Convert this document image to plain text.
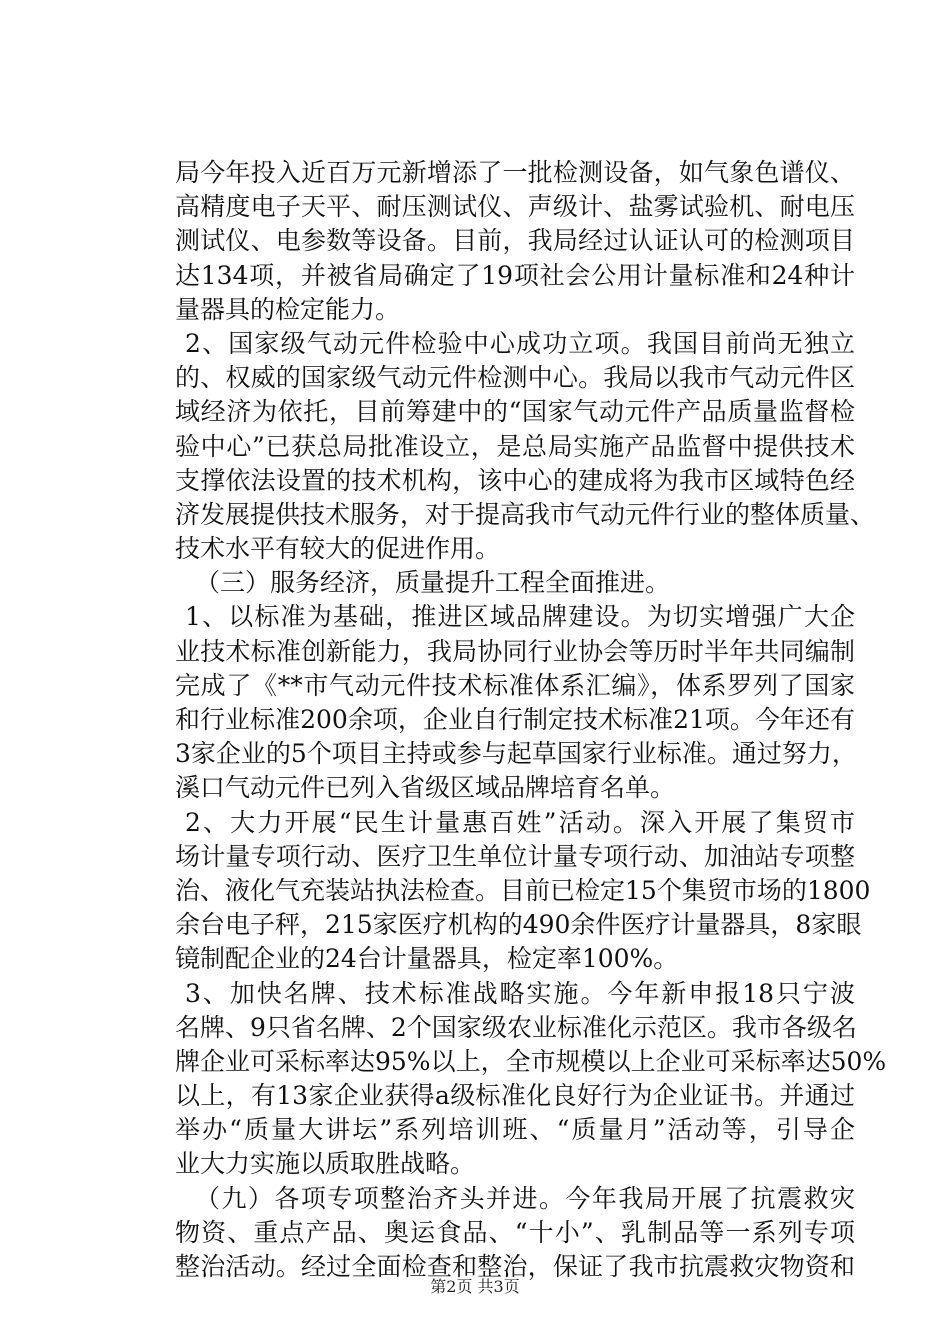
局今年投入近百万元新增添了一批检测设备，如气象色谱仪、
高精度电子天平、耐压测试仪、声级计、盐雾试验机、耐电压
测试仪、电参数等设备。目前，我局经过认证认可的检测项目
达134项，并被省局确定了19项社会公用计量标准和24种计
量器具的检定能力。
2、国家级气动元件检验中心成功立项。我国目前尚无独立
的、权威的国家级气动元件检测中心。我局以我市气动元件区
域经济为依托，目前筹建中的“国家气动元件产品质量监督检
验中心”已获总局批准设立，是总局实施产品监督中提供技术
支撑依法设置的技术机构，该中心的建成将为我市区域特色经
济发展提供技术服务，对于提高我市气动元件行业的整体质量、
技术水平有较大的促进作用。
（三）服务经济，质量提升工程全面推进。
1、以标准为基础，推进区域品牌建设。为切实增强广大企
业技术标准创新能力，我局协同行业协会等历时半年共同编制
完成了《**市气动元件技术标准体系汇编》，体系罗列了国家
和行业标准200余项，企业自行制定技术标准21项。今年还有
3家企业的5个项目主持或参与起草国家行业标准。通过努力，
溪口气动元件已列入省级区域品牌培育名单。
2、大力开展“民生计量惠百姓”活动。深入开展了集贸市
场计量专项行动、医疗卫生单位计量专项行动、加油站专项整
治、液化气充装站执法检查。目前已检定15个集贸市场的1800
余台电子秤，215家医疗机构的490余件医疗计量器具，8家眼
镜制配企业的24台计量器具，检定率100%。
3、加快名牌、技术标准战略实施。今年新申报18只宁波
名牌、9只省名牌、2个国家级农业标准化示范区。我市各级名
牌企业可采标率达95%以上，全市规模以上企业可采标率达50%
以上，有13家企业获得a级标准化良好行为企业证书。并通过
举办“质量大讲坛”系列培训班、“质量月”活动等，引导企
业大力实施以质取胜战略。
（九）各项专项整治齐头并进。今年我局开展了抗震救灾
物资、重点产品、奥运食品、“十小”、乳制品等一系列专项
整治活动。经过全面检查和整治，保证了我市抗震救灾物资和
第2页 共3页
